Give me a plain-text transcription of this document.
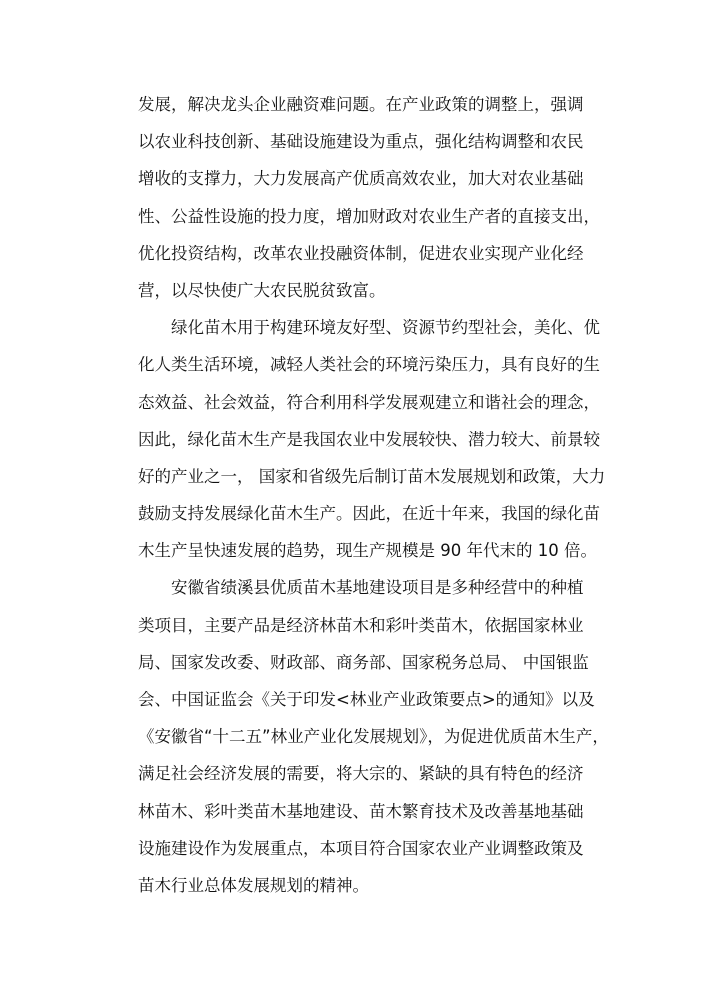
发展，解决龙头企业融资难问题。在产业政策的调整上，强调
以农业科技创新、基础设施建设为重点，强化结构调整和农民
增收的支撑力，大力发展高产优质高效农业，加大对农业基础
性、公益性设施的投力度，增加财政对农业生产者的直接支出，
优化投资结构，改革农业投融资体制，促进农业实现产业化经
营，以尽快使广大农民脱贫致富。
绿化苗木用于构建环境友好型、资源节约型社会，美化、优
化人类生活环境，减轻人类社会的环境污染压力，具有良好的生
态效益、社会效益，符合利用科学发展观建立和谐社会的理念，
因此，绿化苗木生产是我国农业中发展较快、潜力较大、前景较
好的产业之一， 国家和省级先后制订苗木发展规划和政策，大力
鼓励支持发展绿化苗木生产。因此，在近十年来，我国的绿化苗
木生产呈快速发展的趋势，现生产规模是 90 年代末的 10 倍。
安徽省绩溪县优质苗木基地建设项目是多种经营中的种植
类项目，主要产品是经济林苗木和彩叶类苗木，依据国家林业
局、国家发改委、财政部、商务部、国家税务总局、 中国银监
会、中国证监会《关于印发<林业产业政策要点>的通知》以及
《安徽省“十二五”林业产业化发展规划》，为促进优质苗木生产，
满足社会经济发展的需要，将大宗的、紧缺的具有特色的经济
林苗木、彩叶类苗木基地建设、苗木繁育技术及改善基地基础
设施建设作为发展重点，本项目符合国家农业产业调整政策及
苗木行业总体发展规划的精神。
